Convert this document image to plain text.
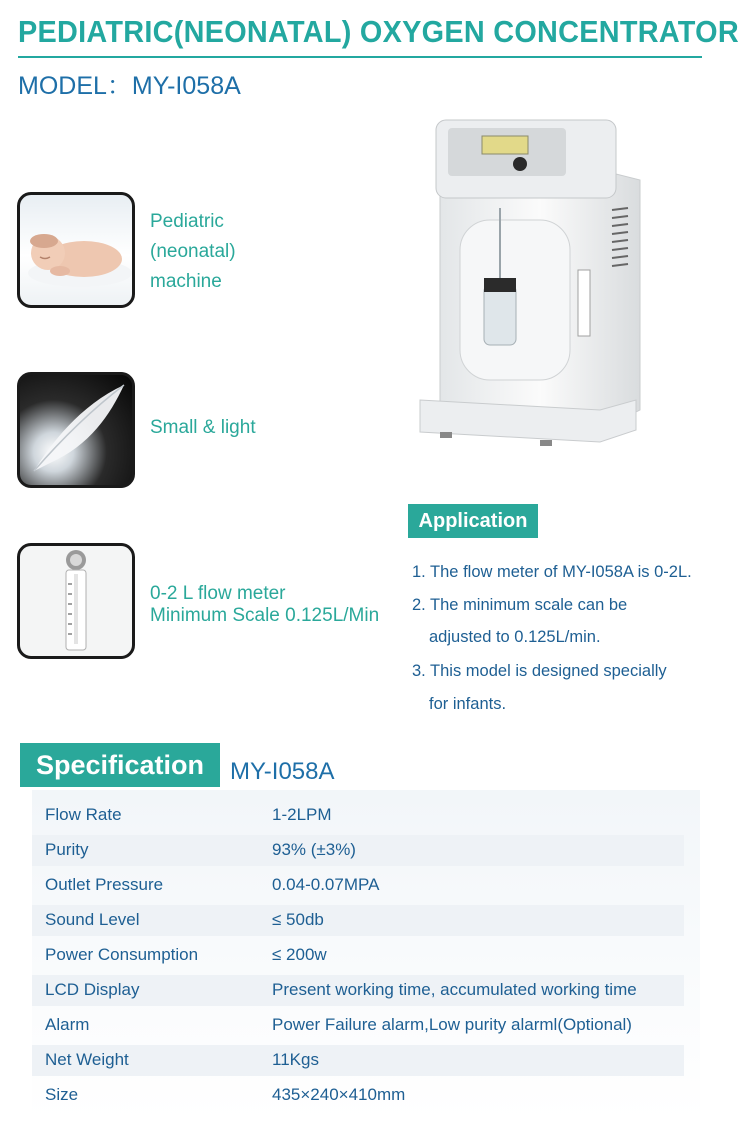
PEDIATRIC(NEONATAL) OXYGEN CONCENTRATOR
MODEL：MY-I058A
Pediatric
(neonatal)
machine
Small & light
0-2 L flow meter
Minimum Scale 0.125L/Min
Application
1. The flow meter of MY-I058A is 0-2L.
2. The minimum scale can be
adjusted to 0.125L/min.
3. This model is designed specially
for infants.
Specification	MY-I058A
Flow Rate	1-2LPM
Purity	93% (±3%)
Outlet Pressure	0.04-0.07MPA
Sound Level	≤ 50db
Power Consumption	≤ 200w
LCD Display	Present working time, accumulated working time
Alarm	Power Failure alarm,Low purity alarml(Optional)
Net Weight	11Kgs
Size	435×240×410mm
